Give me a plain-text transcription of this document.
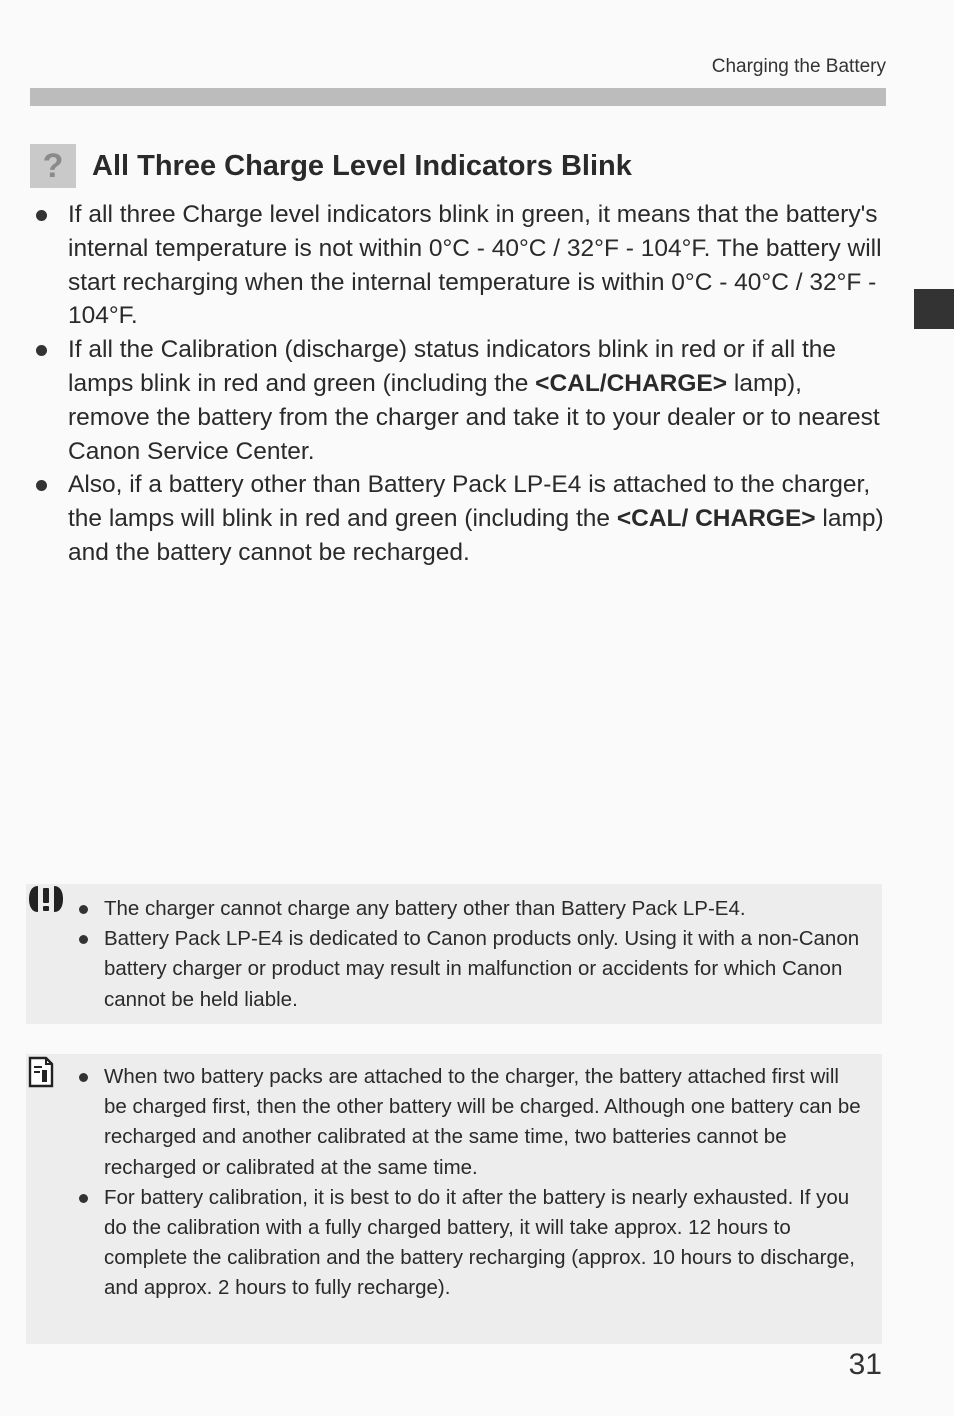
Charging the Battery
? All Three Charge Level Indicators Blink
If all three Charge level indicators blink in green, it means that the battery's internal temperature is not within 0°C - 40°C / 32°F - 104°F. The battery will start recharging when the internal temperature is within 0°C - 40°C / 32°F - 104°F.
If all the Calibration (discharge) status indicators blink in red or if all the lamps blink in red and green (including the <CAL/CHARGE> lamp), remove the battery from the charger and take it to your dealer or to nearest Canon Service Center.
Also, if a battery other than Battery Pack LP-E4 is attached to the charger, the lamps will blink in red and green (including the <CAL/ CHARGE> lamp) and the battery cannot be recharged.
The charger cannot charge any battery other than Battery Pack LP-E4.
Battery Pack LP-E4 is dedicated to Canon products only. Using it with a non-Canon battery charger or product may result in malfunction or accidents for which Canon cannot be held liable.
When two battery packs are attached to the charger, the battery attached first will be charged first, then the other battery will be charged. Although one battery can be recharged and another calibrated at the same time, two batteries cannot be recharged or calibrated at the same time.
For battery calibration, it is best to do it after the battery is nearly exhausted. If you do the calibration with a fully charged battery, it will take approx. 12 hours to complete the calibration and the battery recharging (approx. 10 hours to discharge, and approx. 2 hours to fully recharge).
31
